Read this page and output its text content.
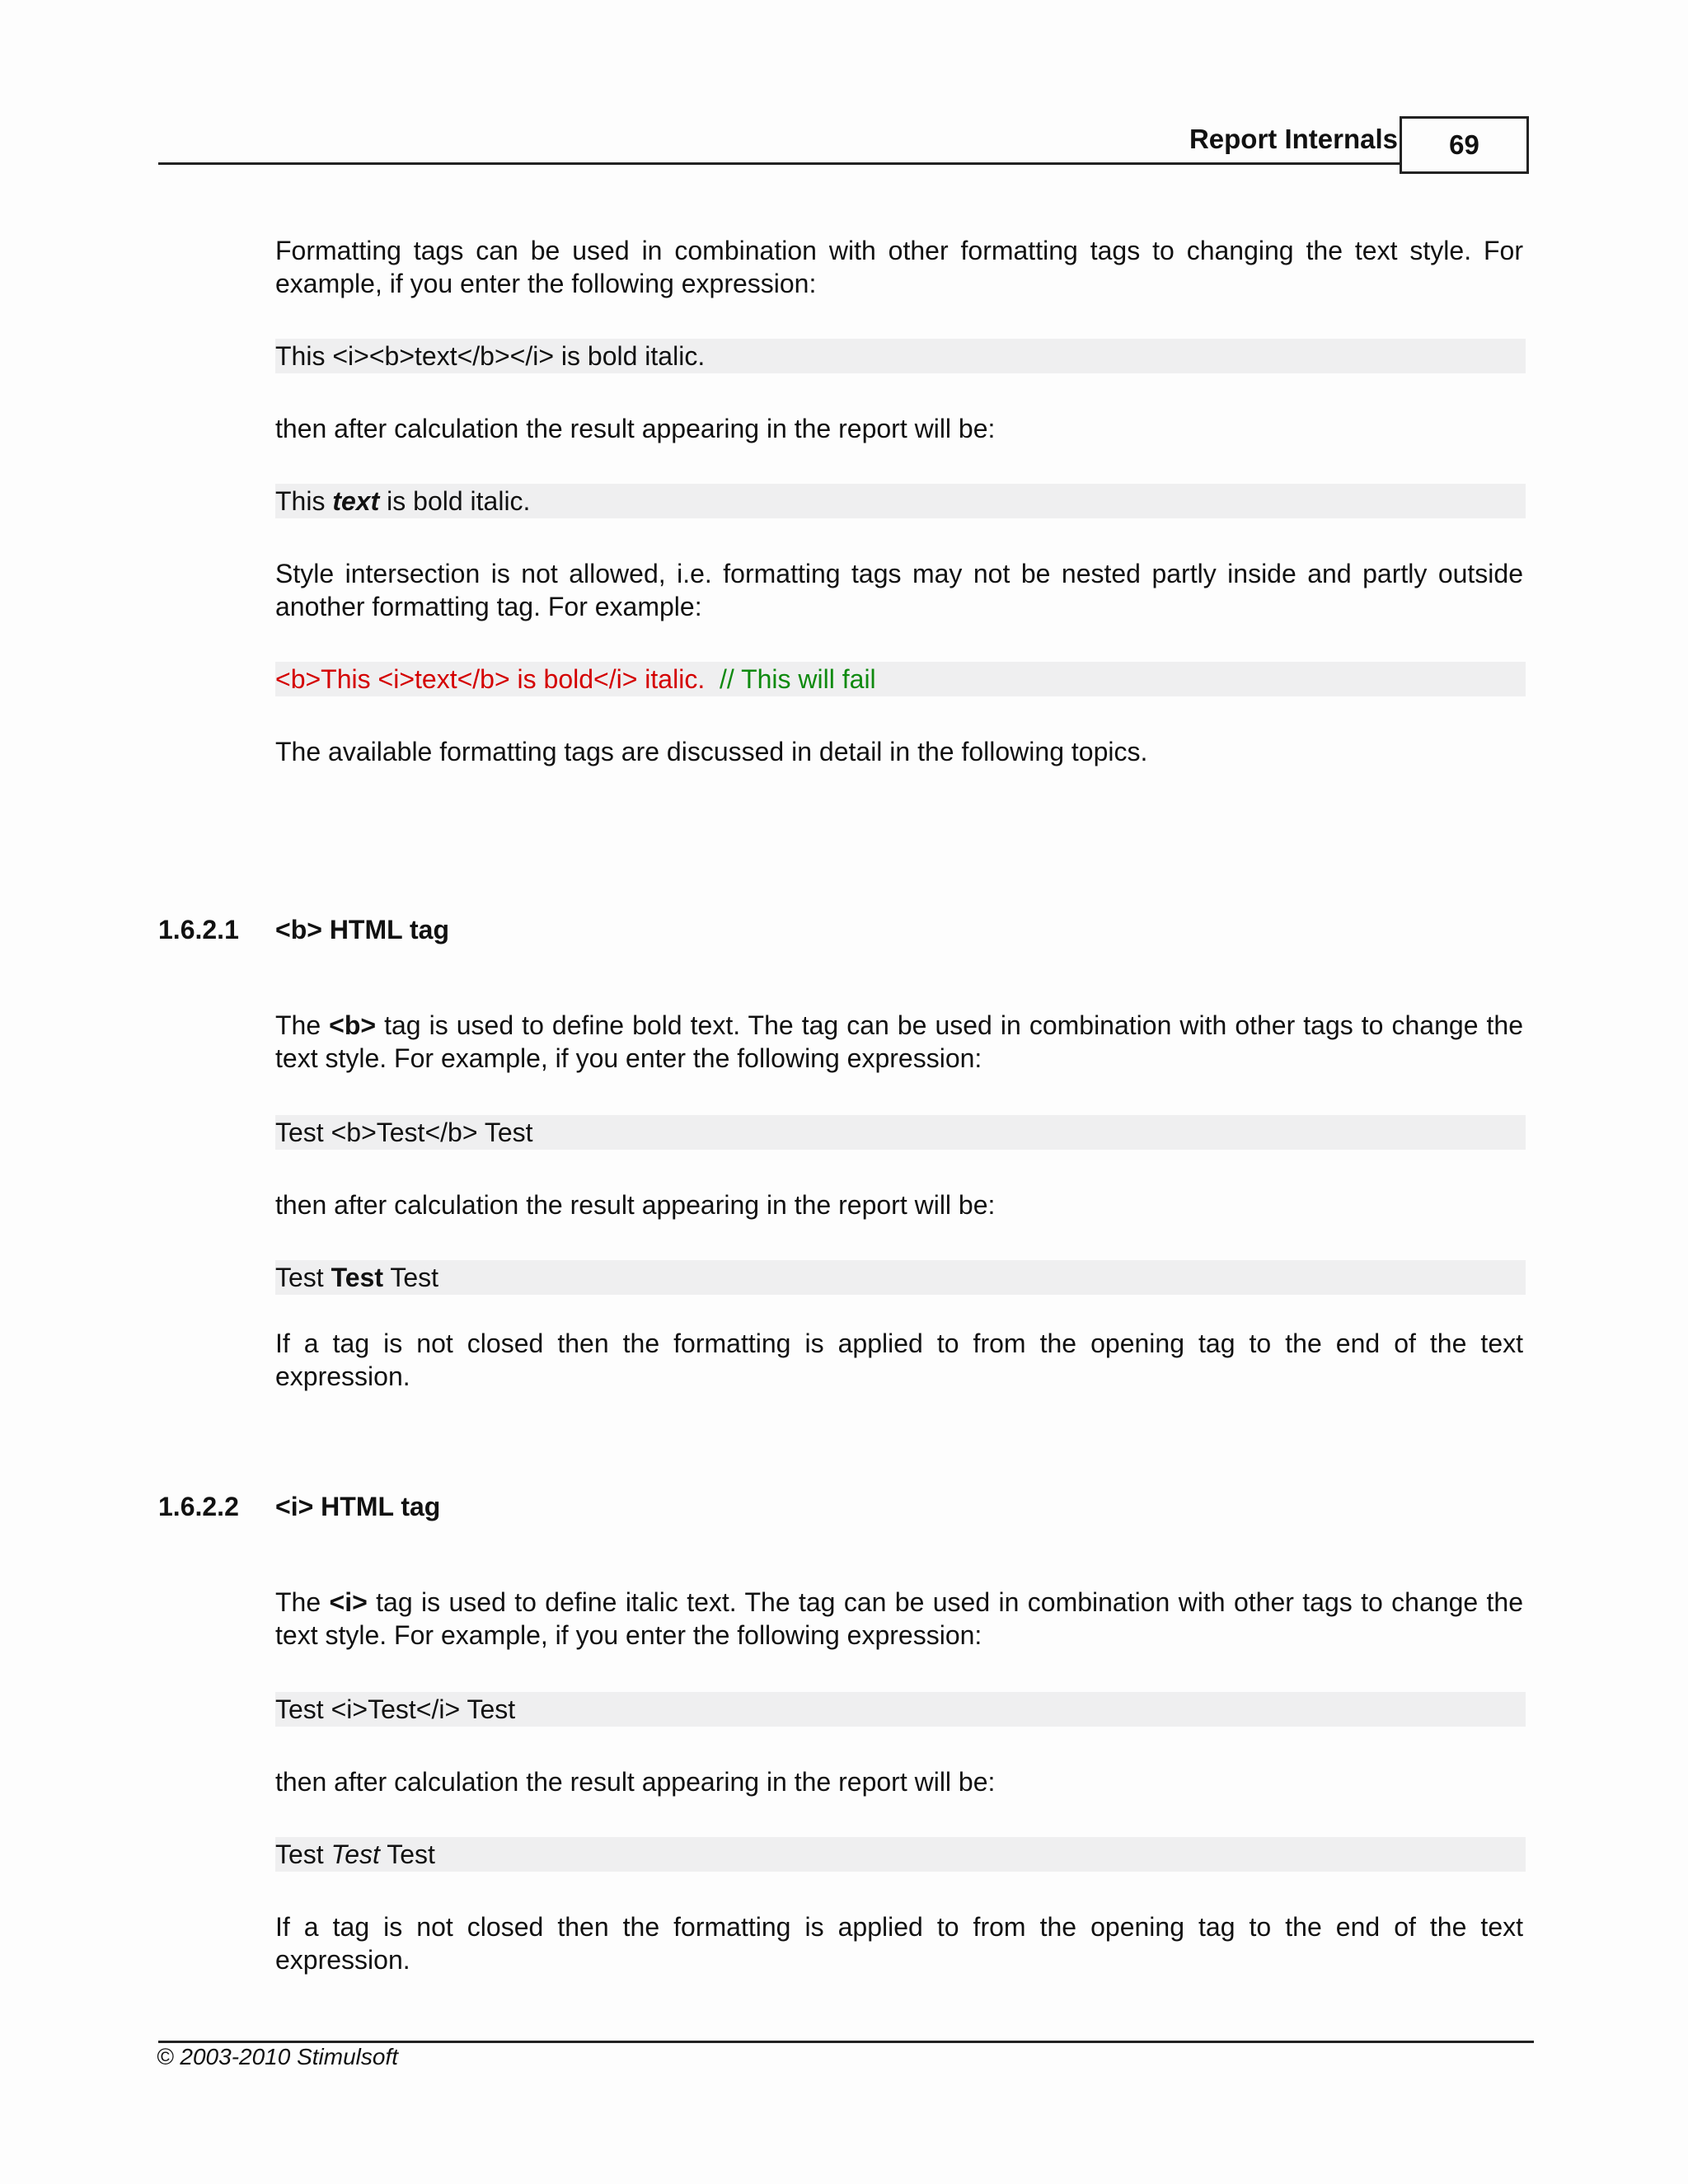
Report Internals	69

Formatting tags can be used in combination with other formatting tags to changing the text style. For example, if you enter the following expression:

This <i><b>text</b></i> is bold italic.

then after calculation the result appearing in the report will be:

This text is bold italic.

Style intersection is not allowed, i.e. formatting tags may not be nested partly inside and partly outside another formatting tag. For example:

<b>This <i>text</b> is bold</i> italic.  // This will fail

The available formatting tags are discussed in detail in the following topics.

1.6.2.1 <b> HTML tag

The <b> tag is used to define bold text. The tag can be used in combination with other tags to change the text style. For example, if you enter the following expression:

Test <b>Test</b> Test

then after calculation the result appearing in the report will be:

Test Test Test

If a tag is not closed then the formatting is applied to from the opening tag to the end of the text expression.

1.6.2.2 <i> HTML tag

The <i> tag is used to define italic text. The tag can be used in combination with other tags to change the text style. For example, if you enter the following expression:

Test <i>Test</i> Test

then after calculation the result appearing in the report will be:

Test Test Test

If a tag is not closed then the formatting is applied to from the opening tag to the end of the text expression.

© 2003-2010 Stimulsoft
